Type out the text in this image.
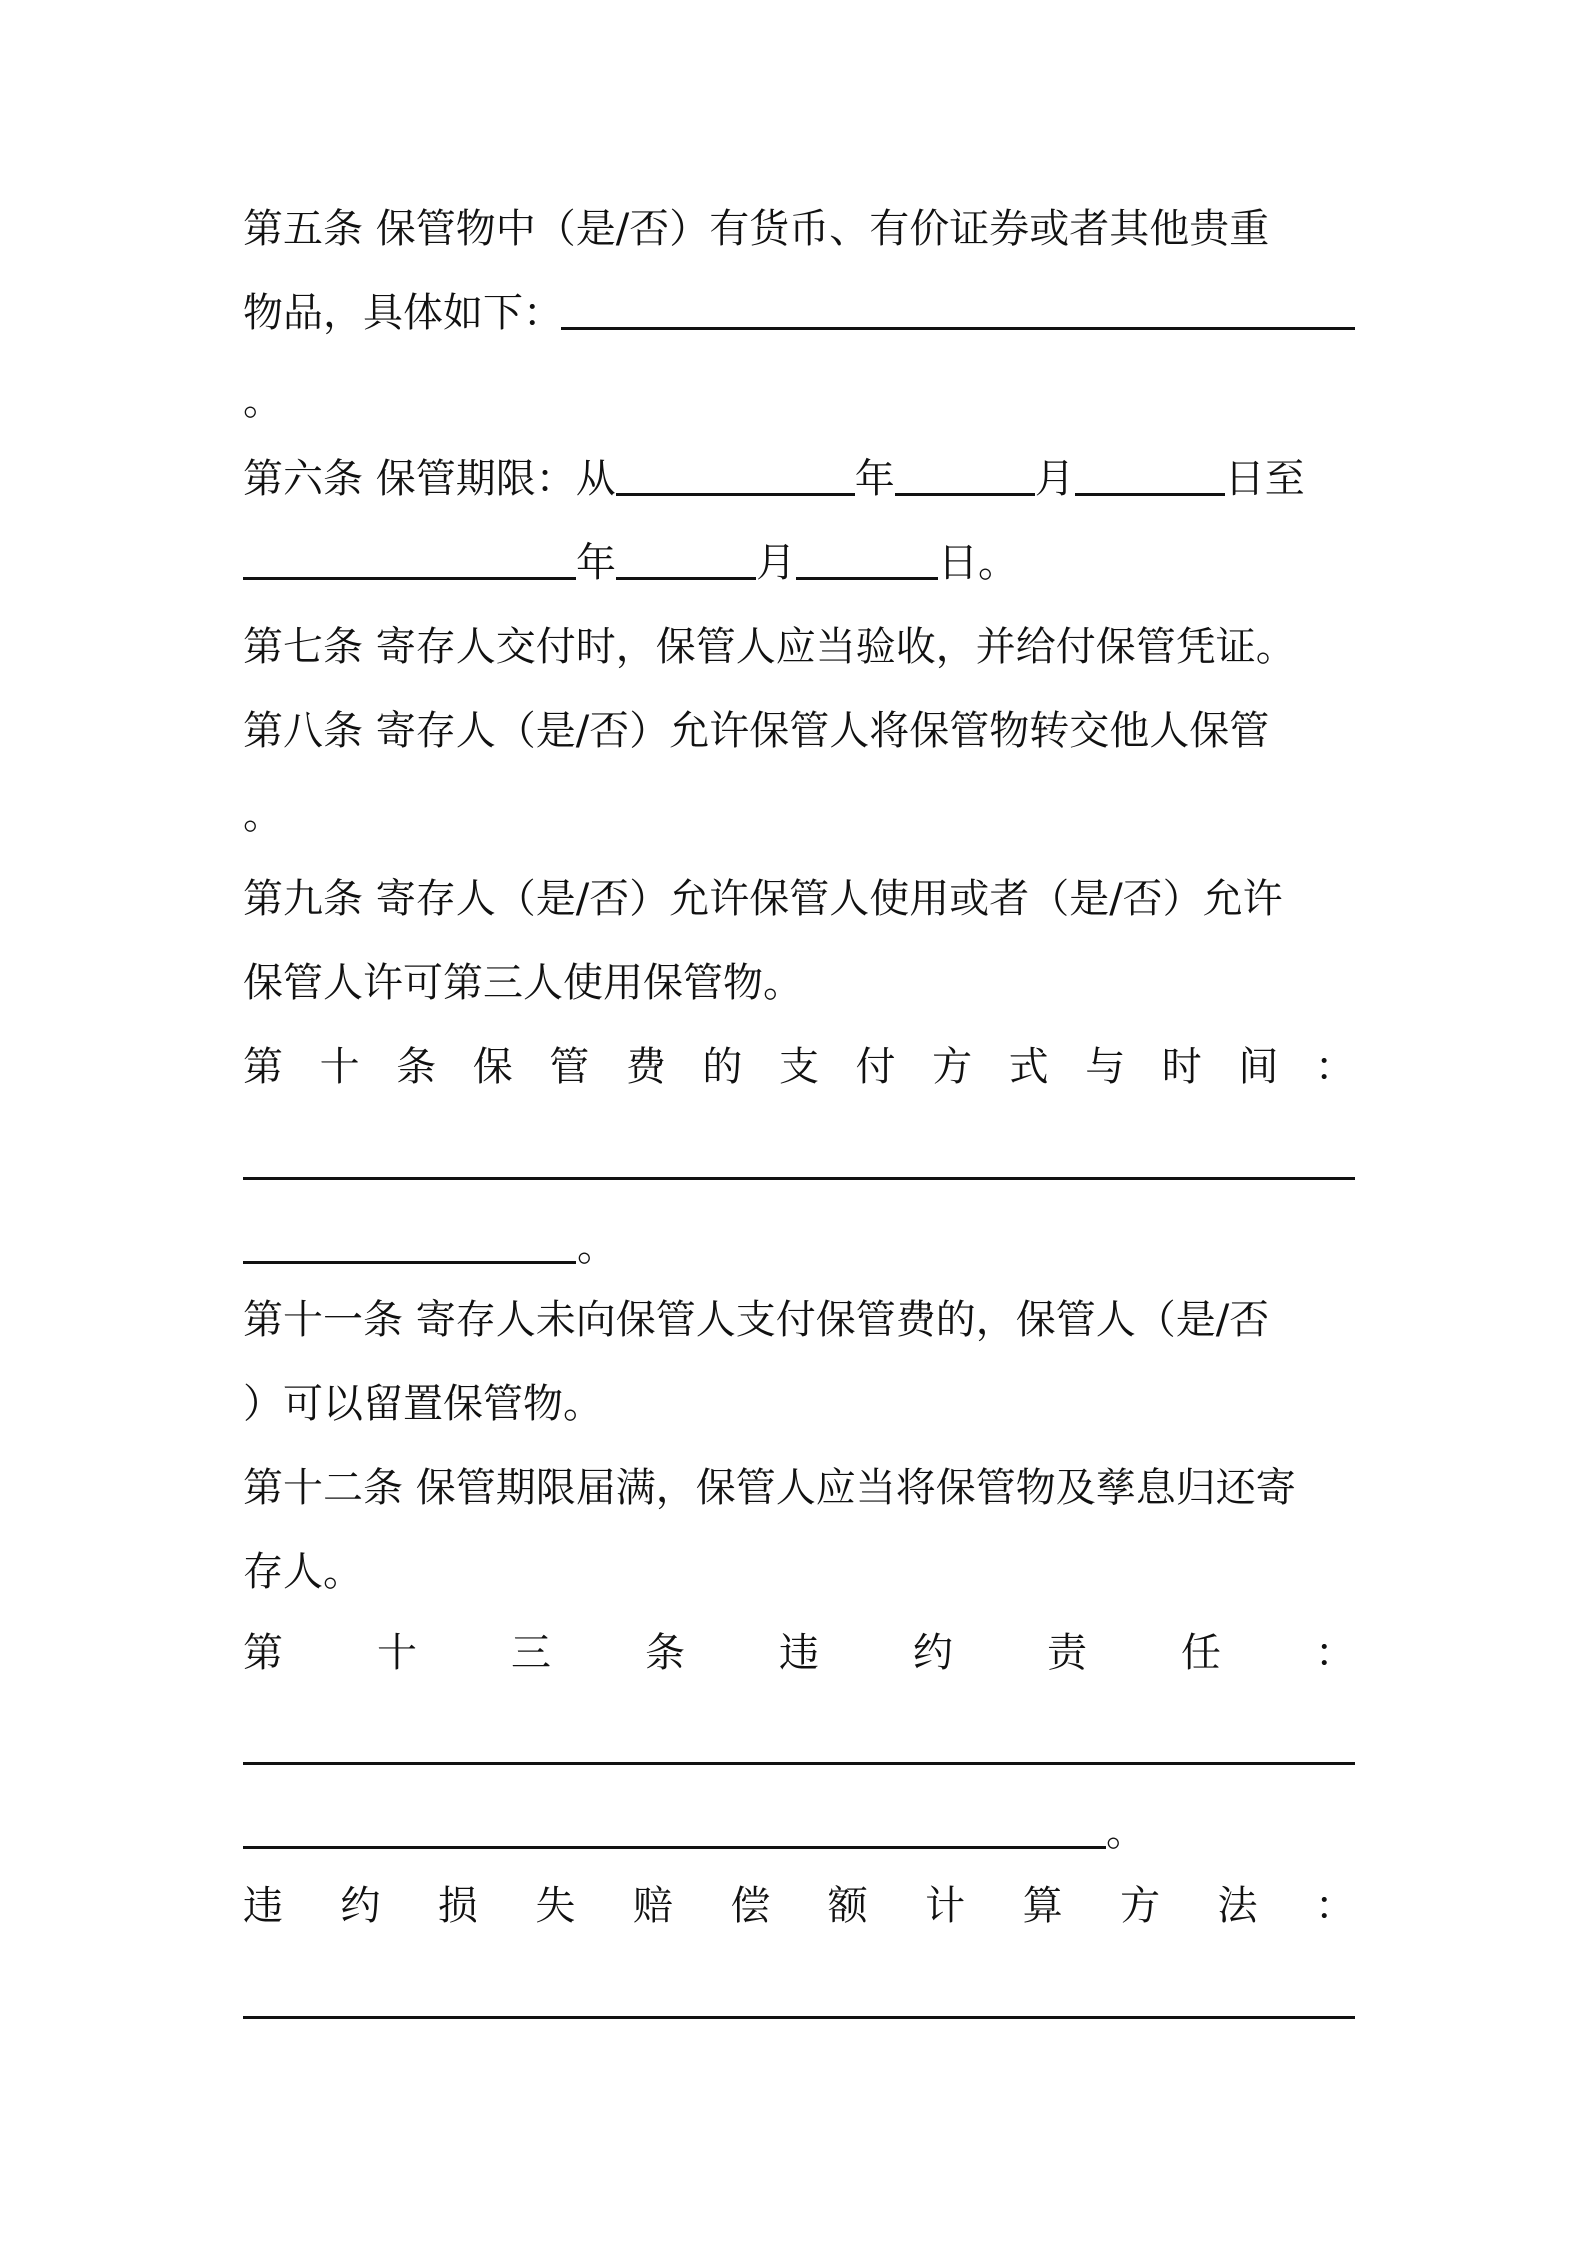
第五条 保管物中（是/否）有货币、有价证券或者其他贵重
物品，具体如下：
。
第六条 保管期限：从	年	月	日至
年	月	日。
第七条 寄存人交付时，保管人应当验收，并给付保管凭证。
第八条 寄存人（是/否）允许保管人将保管物转交他人保管
。
第九条 寄存人（是/否）允许保管人使用或者（是/否）允许
保管人许可第三人使用保管物。
第 十 条 保 管 费 的 支 付 方 式 与 时 间 ：
。
第十一条 寄存人未向保管人支付保管费的，保管人（是/否
）可以留置保管物。
第十二条 保管期限届满，保管人应当将保管物及孳息归还寄
存人。
第 十 三 条 违 约 责 任 ：
。
违 约 损 失 赔 偿 额 计 算 方 法 ：
